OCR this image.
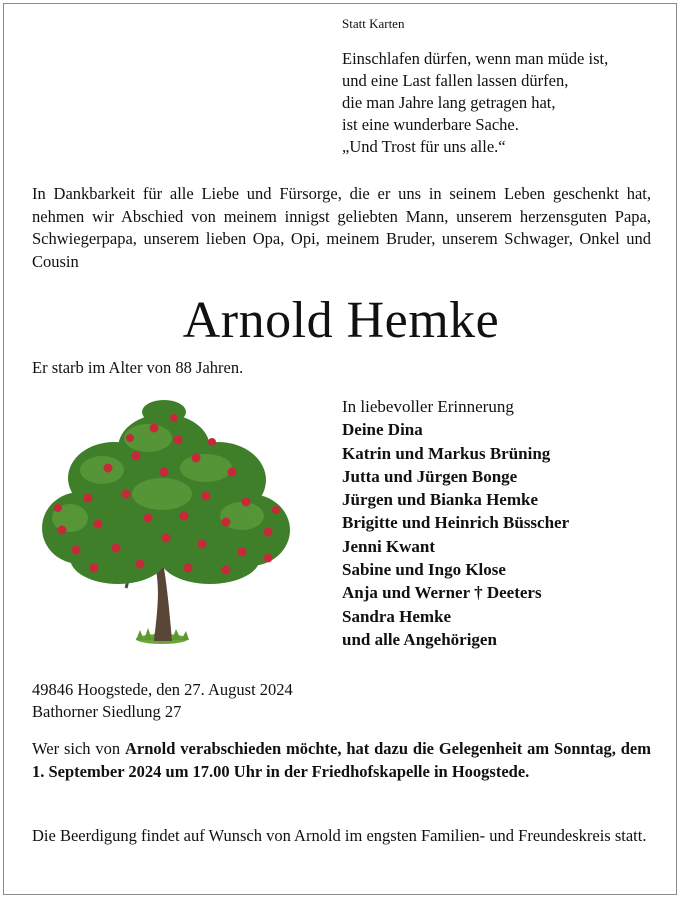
Statt Karten
Einschlafen dürfen, wenn man müde ist,
und eine Last fallen lassen dürfen,
die man Jahre lang getragen hat,
ist eine wunderbare Sache.
„Und Trost für uns alle.“
In Dankbarkeit für alle Liebe und Fürsorge, die er uns in seinem Leben geschenkt hat, nehmen wir Abschied von meinem innigst geliebten Mann, unserem herzensguten Papa, Schwiegerpapa, unserem lieben Opa, Opi, meinem Bruder, unserem Schwager, Onkel und Cousin
Arnold Hemke
Er starb im Alter von 88 Jahren.
In liebevoller Erinnerung
Deine Dina
Katrin und Markus Brüning
Jutta und Jürgen Bonge
Jürgen und Bianka Hemke
Brigitte und Heinrich Büsscher
Jenni Kwant
Sabine und Ingo Klose
Anja und Werner † Deeters
Sandra Hemke
und alle Angehörigen
49846 Hoogstede, den 27. August 2024
Bathorner Siedlung 27
Wer sich von Arnold verabschieden möchte, hat dazu die Gelegenheit am Sonntag, dem 1. September 2024 um 17.00 Uhr in der Friedhofskapelle in Hoogstede.
Die Beerdigung findet auf Wunsch von Arnold im engsten Familien- und Freundeskreis statt.
